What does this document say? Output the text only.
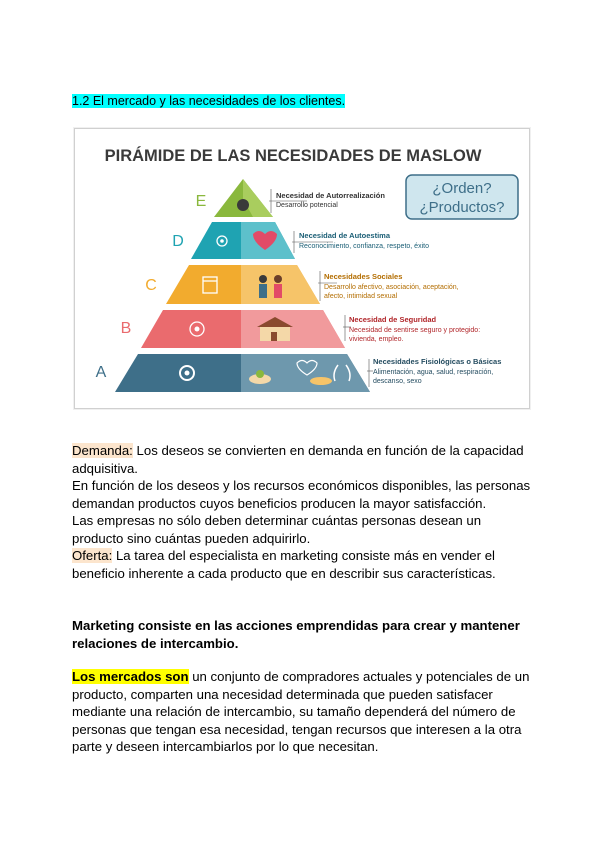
1.2 El mercado y las necesidades de los clientes.
PIRÁMIDE DE LAS NECESIDADES DE MASLOW
¿Orden?
¿Productos?
E	Necesidad de Autorrealización
Desarrollo potencial
D	Necesidad de Autoestima
Reconocimiento, confianza, respeto, éxito
C
Necesidades Sociales
Desarrollo afectivo, asociación, aceptación,
afecto, intimidad sexual
B
Necesidad de Seguridad
Necesidad de sentirse seguro y protegido:
vivienda, empleo.
A
Necesidades Fisiológicas o Básicas
Alimentación, agua, salud, respiración,
descanso, sexo

Demanda: Los deseos se convierten en demanda en función de la capacidad adquisitiva.
En función de los deseos y los recursos económicos disponibles, las personas demandan productos cuyos beneficios producen la mayor satisfacción.
Las empresas no sólo deben determinar cuántas personas desean un producto sino cuántas pueden adquirirlo.
Oferta: La tarea del especialista en marketing consiste más en vender el beneficio inherente a cada producto que en describir sus características.

Marketing consiste en las acciones emprendidas para crear y mantener relaciones de intercambio.

Los mercados son un conjunto de compradores actuales y potenciales de un producto, comparten una necesidad determinada que pueden satisfacer mediante una relación de intercambio, su tamaño dependerá del número de personas que tengan esa necesidad, tengan recursos que interesen a la otra parte y deseen intercambiarlos por lo que necesitan.
